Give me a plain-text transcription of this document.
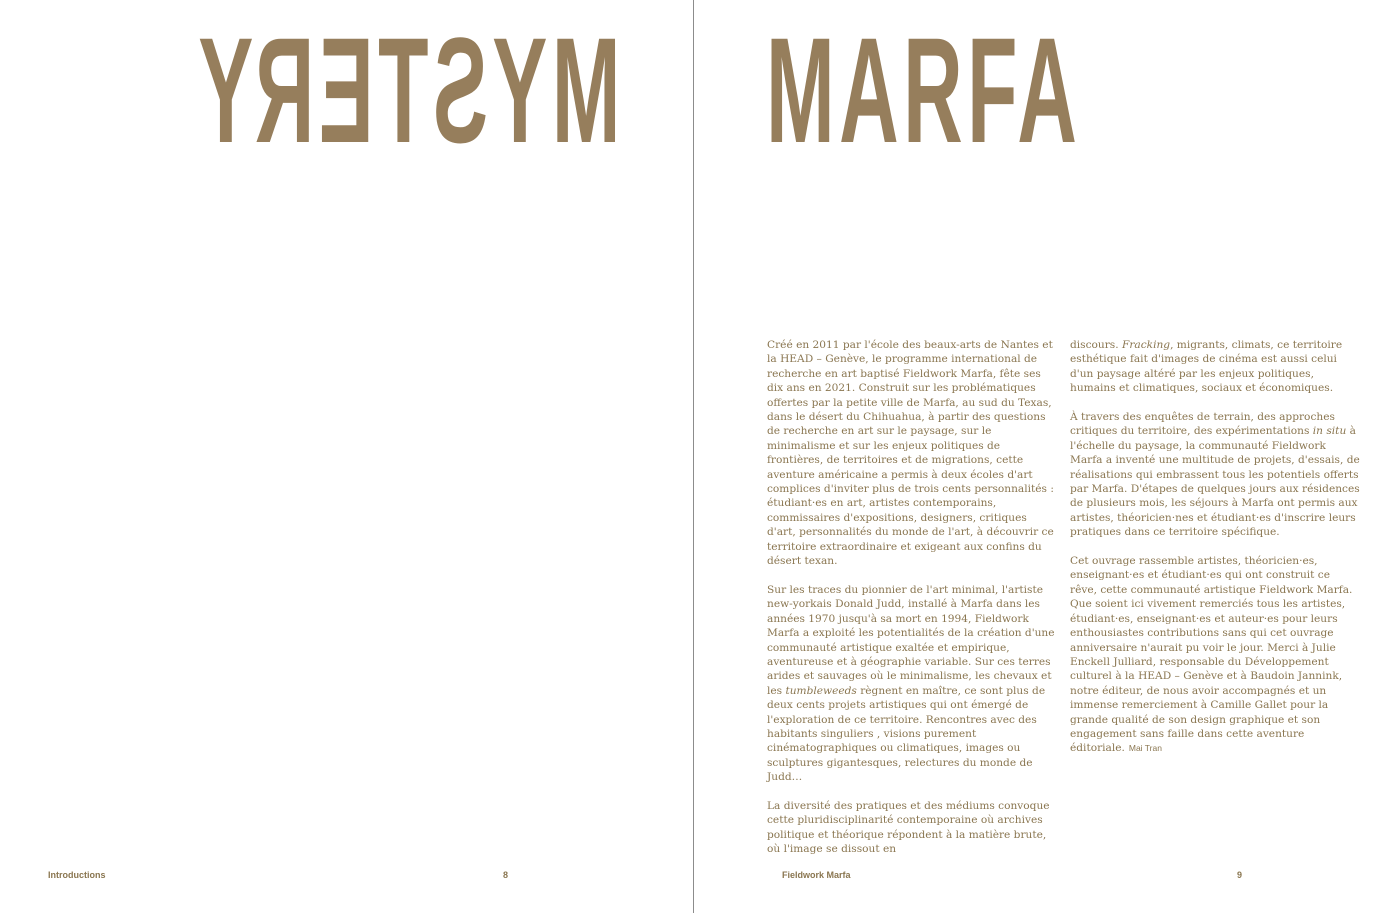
MYSTERY
Introductions	8
MARFA

Créé en 2011 par l'école des beaux-arts de Nantes et la HEAD – Genève, le programme international de recherche en art baptisé Fieldwork Marfa, fête ses dix ans en 2021. Construit sur les problématiques offertes par la petite ville de Marfa, au sud du Texas, dans le désert du Chihuahua, à partir des questions de recherche en art sur le paysage, sur le minimalisme et sur les enjeux politiques de frontières, de territoires et de migrations, cette aventure américaine a permis à deux écoles d'art complices d'inviter plus de trois cents personnalités : étudiant·es en art, artistes contemporains, commissaires d'expositions, designers, critiques d'art, personnalités du monde de l'art, à découvrir ce territoire extraordinaire et exigeant aux confins du désert texan.

Sur les traces du pionnier de l'art minimal, l'artiste new-yorkais Donald Judd, installé à Marfa dans les années 1970 jusqu'à sa mort en 1994, Fieldwork Marfa a exploité les potentialités de la création d'une communauté artistique exaltée et empirique, aventureuse et à géographie variable. Sur ces terres arides et sauvages où le minimalisme, les chevaux et les tumbleweeds règnent en maître, ce sont plus de deux cents projets artistiques qui ont émergé de l'exploration de ce territoire. Rencontres avec des habitants singuliers , visions purement cinématographiques ou climatiques, images ou sculptures gigantesques, relectures du monde de Judd…

La diversité des pratiques et des médiums convoque cette pluridisciplinarité contemporaine où archives politique et théorique répondent à la matière brute, où l'image se dissout en

discours. Fracking, migrants, climats, ce territoire esthétique fait d'images de cinéma est aussi celui d'un paysage altéré par les enjeux politiques, humains et climatiques, sociaux et économiques.

À travers des enquêtes de terrain, des approches critiques du territoire, des expérimentations in situ à l'échelle du paysage, la communauté Fieldwork Marfa a inventé une multitude de projets, d'essais, de réalisations qui embrassent tous les potentiels offerts par Marfa. D'étapes de quelques jours aux résidences de plusieurs mois, les séjours à Marfa ont permis aux artistes, théoricien·nes et étudiant·es d'inscrire leurs pratiques dans ce territoire spécifique.

Cet ouvrage rassemble artistes, théoricien·es, enseignant·es et étudiant·es qui ont construit ce rêve, cette communauté artistique Fieldwork Marfa. Que soient ici vivement remerciés tous les artistes, étudiant·es, enseignant·es et auteur·es pour leurs enthousiastes contributions sans qui cet ouvrage anniversaire n'aurait pu voir le jour. Merci à Julie Enckell Julliard, responsable du Développement culturel à la HEAD – Genève et à Baudoin Jannink, notre éditeur, de nous avoir accompagnés et un immense remerciement à Camille Gallet pour la grande qualité de son design graphique et son engagement sans faille dans cette aventure éditoriale. Mai Tran

Fieldwork Marfa	9
